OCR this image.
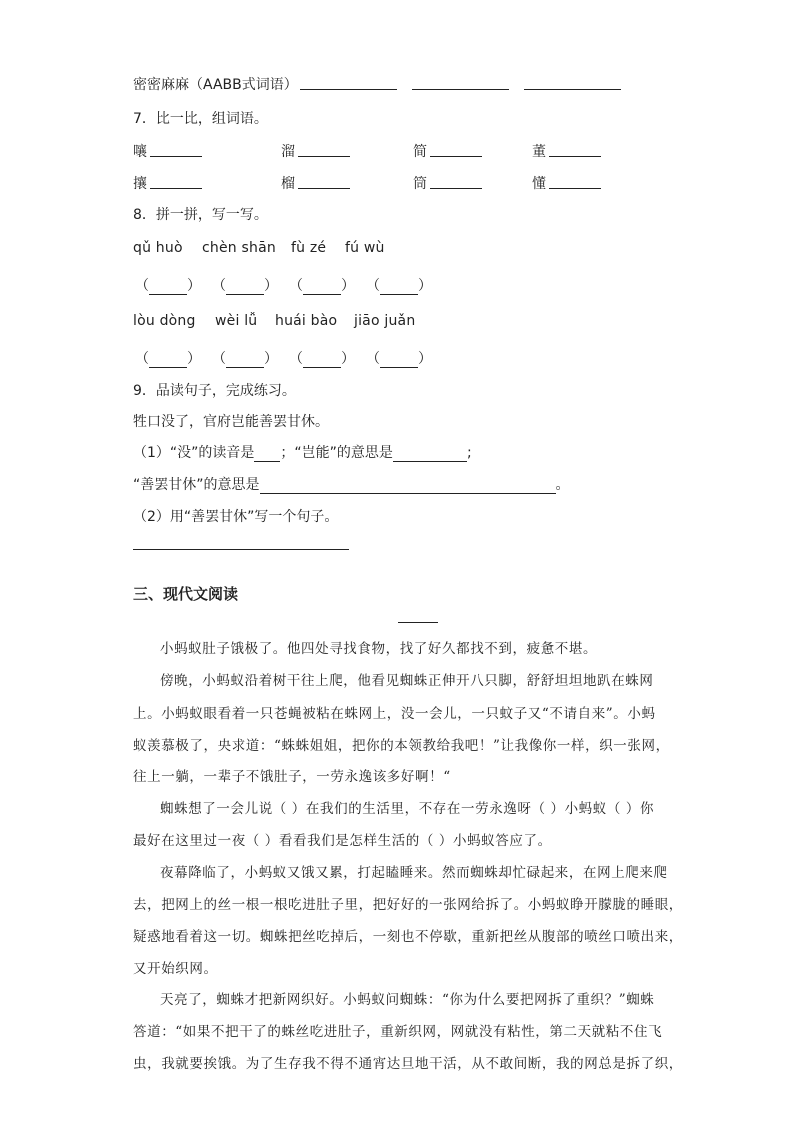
密密麻麻（AABB式词语）
7．比一比，组词语。
嚷	溜	简	董
攘	榴	筒	懂
8．拼一拼，写一写。
qǔ huò chèn shān fù zé fú wù
（	） （	） （	） （	）
lòu dòng wèi lǚ huái bào jiāo juǎn
（	） （	） （	） （	）
9．品读句子，完成练习。
牲口没了，官府岂能善罢甘休。
（1）“没”的读音是 ；“岂能”的意思是	;
“善罢甘休”的意思是	。
（2）用“善罢甘休”写一个句子。
三、现代文阅读
小蚂蚁肚子饿极了。他四处寻找食物，找了好久都找不到，疲惫不堪。
傍晚，小蚂蚁沿着树干往上爬，他看见蜘蛛正伸开八只脚，舒舒坦坦地趴在蛛网
上。小蚂蚁眼看着一只苍蝇被粘在蛛网上，没一会儿，一只蚊子又“不请自来”。小蚂
蚁羡慕极了，央求道：“蛛蛛姐姐，把你的本领教给我吧！”让我像你一样，织一张网，
往上一躺，一辈子不饿肚子，一劳永逸该多好啊！“
蜘蛛想了一会儿说（ ）在我们的生活里，不存在一劳永逸呀（ ）小蚂蚁（ ）你
最好在这里过一夜（ ）看看我们是怎样生活的（ ）小蚂蚁答应了。
夜幕降临了，小蚂蚁又饿又累，打起瞌睡来。然而蜘蛛却忙碌起来，在网上爬来爬
去，把网上的丝一根一根吃进肚子里，把好好的一张网给拆了。小蚂蚁睁开朦胧的睡眼，
疑惑地看着这一切。蜘蛛把丝吃掉后，一刻也不停歇，重新把丝从腹部的喷丝口喷出来，
又开始织网。
天亮了，蜘蛛才把新网织好。小蚂蚁问蜘蛛：“你为什么要把网拆了重织？”蜘蛛
答道：“如果不把干了的蛛丝吃进肚子，重新织网，网就没有粘性，第二天就粘不住飞
虫，我就要挨饿。为了生存我不得不通宵达旦地干活，从不敢间断，我的网总是拆了织，
